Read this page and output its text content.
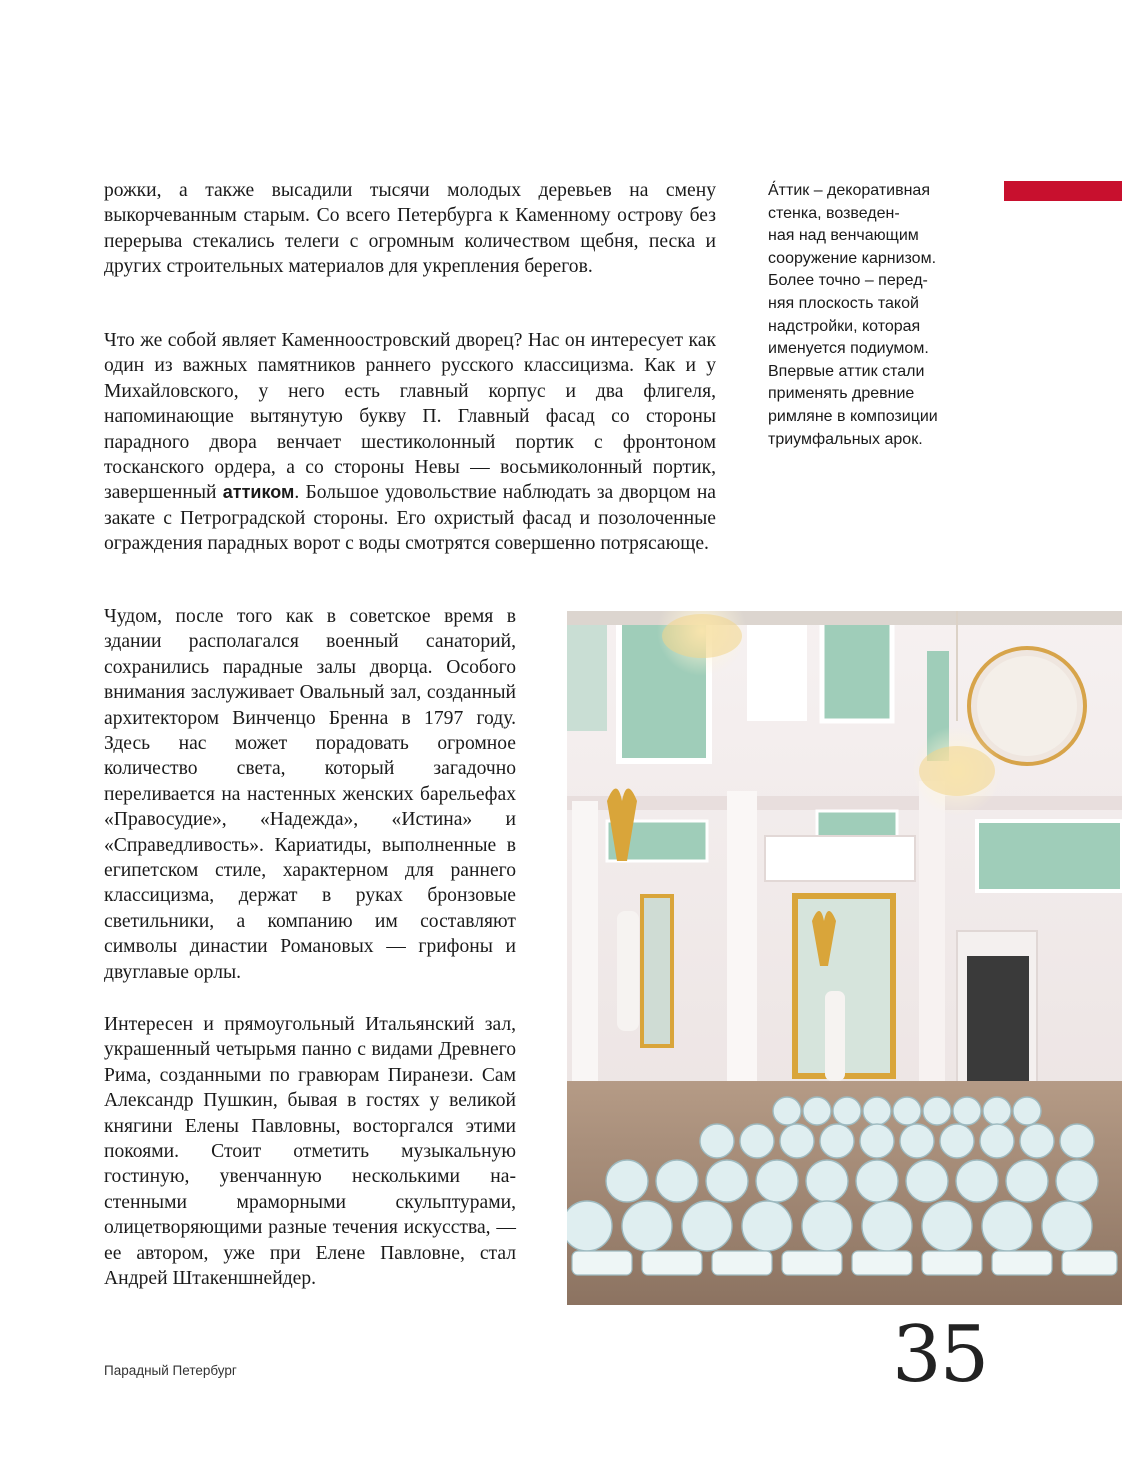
рожки, а также высадили тысячи молодых деревьев на смену выкорчеванным старым. Со всего Петербурга к Каменному острову без перерыва стекались телеги с огромным количеством щебня, песка и других строительных материалов для укрепления берегов.

Что же собой являет Каменноостровский дворец? Нас он интересует как один из важных памятников раннего русского классицизма. Как и у Михайловского, у него есть главный корпус и два флигеля, напоминающие вытянутую букву П. Главный фасад со стороны парадного двора венчает шестиколонный портик с фронтоном тосканского ордера, а со стороны Невы — восьмиколонный портик, завершенный аттиком. Большое удовольствие наблюдать за дворцом на закате с Петроградской стороны. Его охристый фасад и позолоченные ограждения парадных ворот с воды смотрятся совершенно потрясающе.

Чудом, после того как в советское время в здании располагался военный санаторий, сохранились парадные залы дворца. Особого внимания заслуживает Овальный зал, созданный архитектором Винченцо Бренна в 1797 году. Здесь нас может порадовать огромное количество света, который загадочно переливается на настенных женских барельефах «Правосудие», «Надежда», «Истина» и «Справедливость». Кариатиды, выполненные в египетском стиле, характерном для раннего классицизма, держат в руках бронзовые светильники, а компанию им составляют символы династии Романовых — грифоны и двуглавые орлы.

Интересен и прямоугольный Итальянский зал, украшенный четырьмя панно с видами Древнего Рима, созданными по гравюрам Пиранези. Сам Александр Пушкин, бывая в гостях у великой княгини Елены Павловны, восторгался этими покоями. Стоит отметить музыкальную гостиную, увенчанную несколькими настенными мраморными скульптурами, олицетворяющими разные течения искусства, — ее автором, уже при Елене Павловне, стал Андрей Штакеншнейдер.

А́ттик – декоративная
стенка, возведен-
ная над венчающим
сооружение карнизом.
Более точно – перед-
няя плоскость такой
надстройки, которая
именуется подиумом.
Впервые аттик стали
применять древние
римляне в композиции
триумфальных арок.

Парадный Петербург	35
